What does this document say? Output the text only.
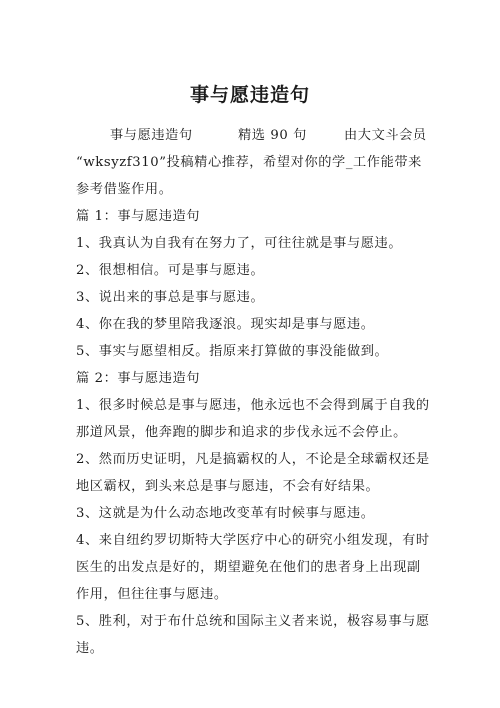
事与愿违造句
事与愿违造句	精选 90 句	由大文斗会员
“wksyzf310”投稿精心推荐，希望对你的学_工作能带来
参考借鉴作用。
篇 1：事与愿违造句
1、我真认为自我有在努力了，可往往就是事与愿违。
2、很想相信。可是事与愿违。
3、说出来的事总是事与愿违。
4、你在我的梦里陪我逐浪。现实却是事与愿违。
5、事实与愿望相反。指原来打算做的事没能做到。
篇 2：事与愿违造句
1、很多时候总是事与愿违，他永远也不会得到属于自我的
那道风景，他奔跑的脚步和追求的步伐永远不会停止。
2、然而历史证明，凡是搞霸权的人，不论是全球霸权还是
地区霸权，到头来总是事与愿违，不会有好结果。
3、这就是为什么动态地改变革有时候事与愿违。
4、来自纽约罗切斯特大学医疗中心的研究小组发现，有时
医生的出发点是好的，期望避免在他们的患者身上出现副
作用，但往往事与愿违。
5、胜利，对于布什总统和国际主义者来说，极容易事与愿
违。
